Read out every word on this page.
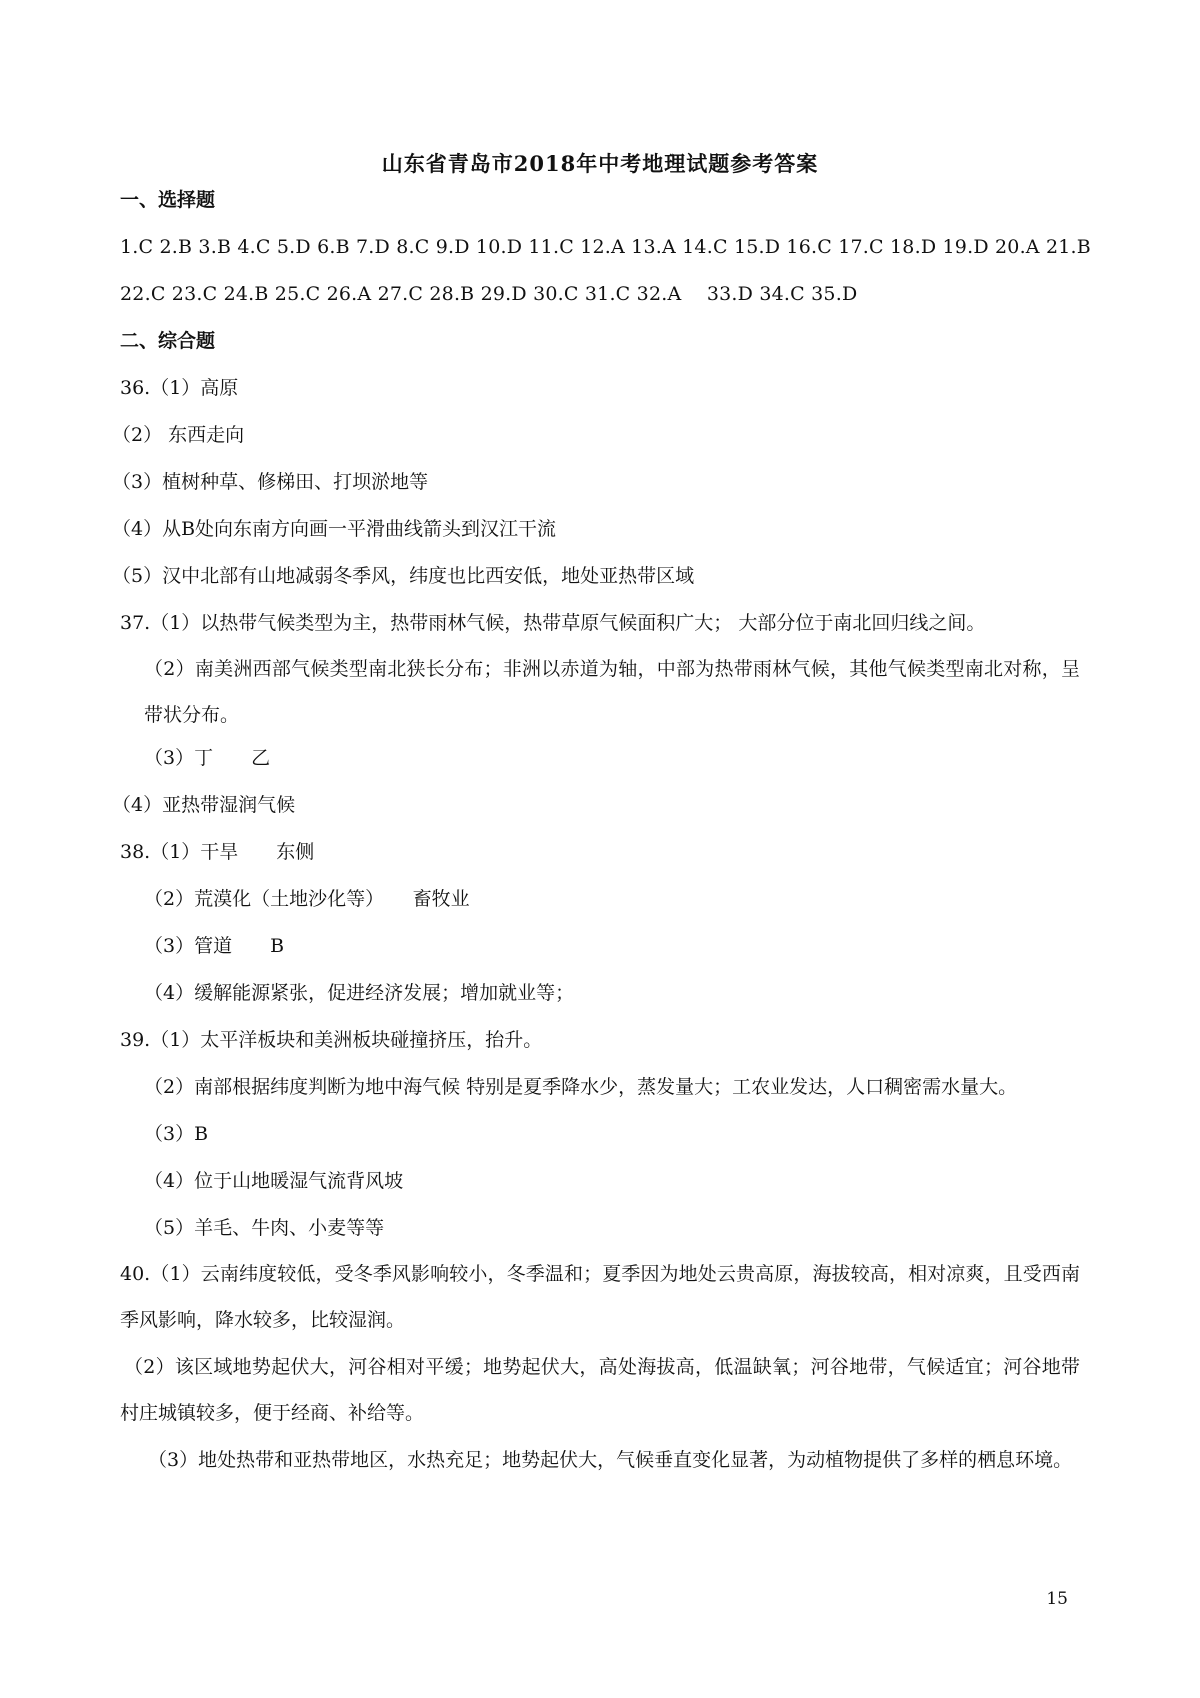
山东省青岛市2018年中考地理试题参考答案
一、选择题
1.C 2.B 3.B 4.C 5.D 6.B 7.D 8.C 9.D 10.D 11.C 12.A 13.A 14.C 15.D 16.C 17.C 18.D 19.D 20.A 21.B
22.C 23.C 24.B 25.C 26.A 27.C 28.B 29.D 30.C 31.C 32.A 　33.D 34.C 35.D
二、综合题
36.（1）高原
（2） 东西走向
（3）植树种草、修梯田、打坝淤地等
（4）从B处向东南方向画一平滑曲线箭头到汉江干流
（5）汉中北部有山地减弱冬季风，纬度也比西安低，地处亚热带区域
37.（1）以热带气候类型为主，热带雨林气候，热带草原气候面积广大； 大部分位于南北回归线之间。
（2）南美洲西部气候类型南北狭长分布；非洲以赤道为轴，中部为热带雨林气候，其他气候类型南北对称，呈带状分布。
（3）丁　　乙
（4）亚热带湿润气候
38.（1）干旱　　东侧
（2）荒漠化（土地沙化等）　　畜牧业
（3）管道　　B
（4）缓解能源紧张，促进经济发展；增加就业等；
39.（1）太平洋板块和美洲板块碰撞挤压，抬升。
（2）南部根据纬度判断为地中海气候 特别是夏季降水少，蒸发量大；工农业发达，人口稠密需水量大。
（3）B
（4）位于山地暖湿气流背风坡
（5）羊毛、牛肉、小麦等等
40.（1）云南纬度较低，受冬季风影响较小，冬季温和；夏季因为地处云贵高原，海拔较高，相对凉爽，且受西南季风影响，降水较多，比较湿润。
（2）该区域地势起伏大，河谷相对平缓；地势起伏大，高处海拔高，低温缺氧；河谷地带，气候适宜；河谷地带村庄城镇较多，便于经商、补给等。
（3）地处热带和亚热带地区，水热充足；地势起伏大，气候垂直变化显著，为动植物提供了多样的栖息环境。
15
